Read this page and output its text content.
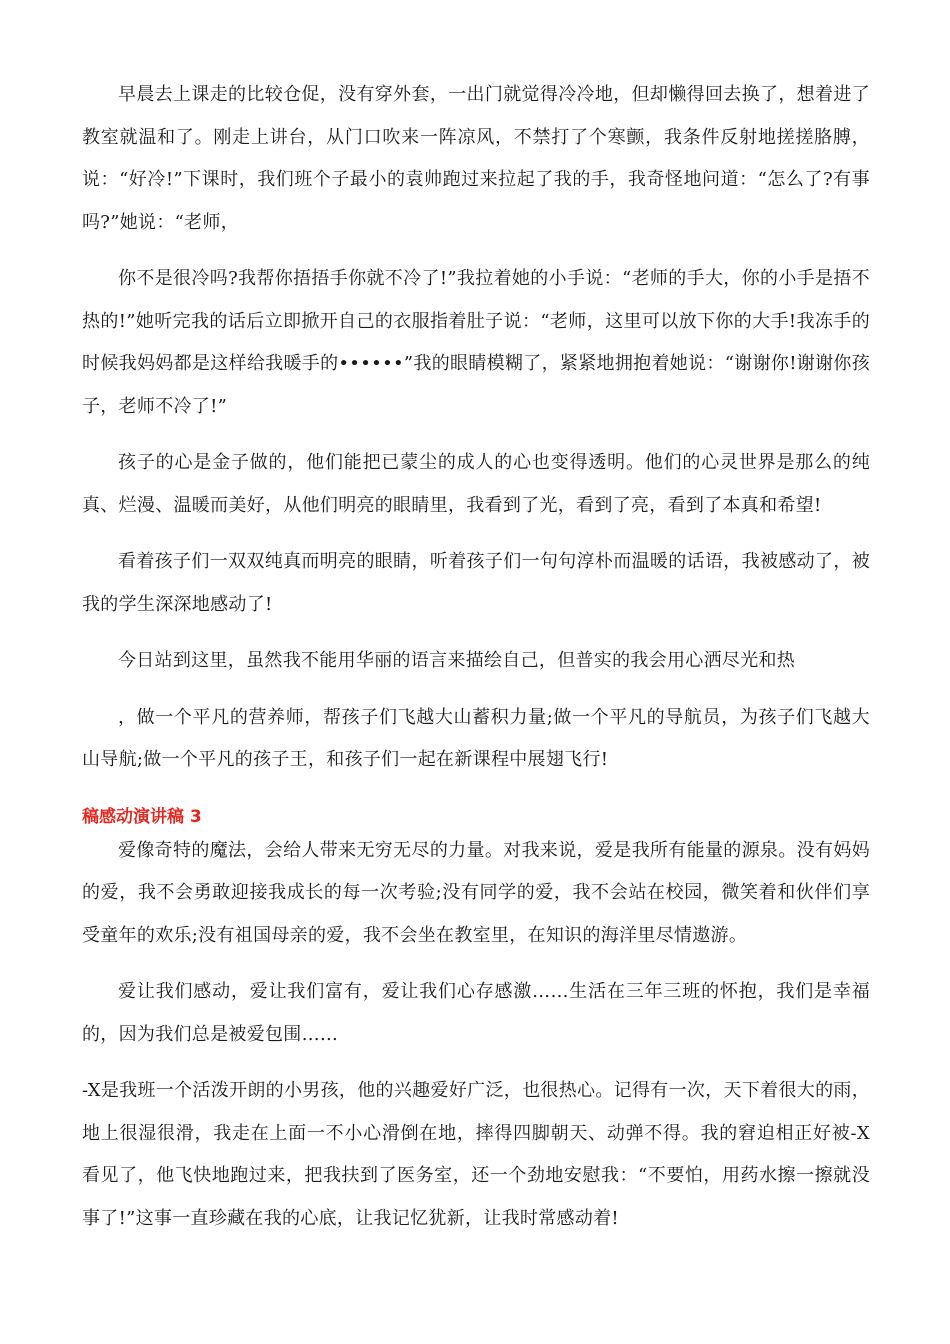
早晨去上课走的比较仓促，没有穿外套，一出门就觉得冷冷地，但却懒得回去换了，想着进了教室就温和了。刚走上讲台，从门口吹来一阵凉风，不禁打了个寒颤，我条件反射地搓搓胳膊，说：“好冷!”下课时，我们班个子最小的袁帅跑过来拉起了我的手，我奇怪地问道：“怎么了?有事吗?”她说：“老师，

你不是很冷吗?我帮你捂捂手你就不冷了!”我拉着她的小手说：“老师的手大，你的小手是捂不热的!”她听完我的话后立即掀开自己的衣服指着肚子说：“老师，这里可以放下你的大手!我冻手的时候我妈妈都是这样给我暖手的••••••”我的眼睛模糊了，紧紧地拥抱着她说：“谢谢你!谢谢你孩子，老师不冷了!”

孩子的心是金子做的，他们能把已蒙尘的成人的心也变得透明。他们的心灵世界是那么的纯真、烂漫、温暖而美好，从他们明亮的眼睛里，我看到了光，看到了亮，看到了本真和希望!

看着孩子们一双双纯真而明亮的眼睛，听着孩子们一句句淳朴而温暖的话语，我被感动了，被我的学生深深地感动了!

今日站到这里，虽然我不能用华丽的语言来描绘自己，但普实的我会用心洒尽光和热

，做一个平凡的营养师，帮孩子们飞越大山蓄积力量;做一个平凡的导航员，为孩子们飞越大山导航;做一个平凡的孩子王，和孩子们一起在新课程中展翅飞行!

稿感动演讲稿 3

爱像奇特的魔法，会给人带来无穷无尽的力量。对我来说，爱是我所有能量的源泉。没有妈妈的爱，我不会勇敢迎接我成长的每一次考验;没有同学的爱，我不会站在校园，微笑着和伙伴们享受童年的欢乐;没有祖国母亲的爱，我不会坐在教室里，在知识的海洋里尽情遨游。

爱让我们感动，爱让我们富有，爱让我们心存感激……生活在三年三班的怀抱，我们是幸福的，因为我们总是被爱包围……

-X是我班一个活泼开朗的小男孩，他的兴趣爱好广泛，也很热心。记得有一次，天下着很大的雨，地上很湿很滑，我走在上面一不小心滑倒在地，摔得四脚朝天、动弹不得。我的窘迫相正好被-X看见了，他飞快地跑过来，把我扶到了医务室，还一个劲地安慰我：“不要怕，用药水擦一擦就没事了!”这事一直珍藏在我的心底，让我记忆犹新，让我时常感动着!
